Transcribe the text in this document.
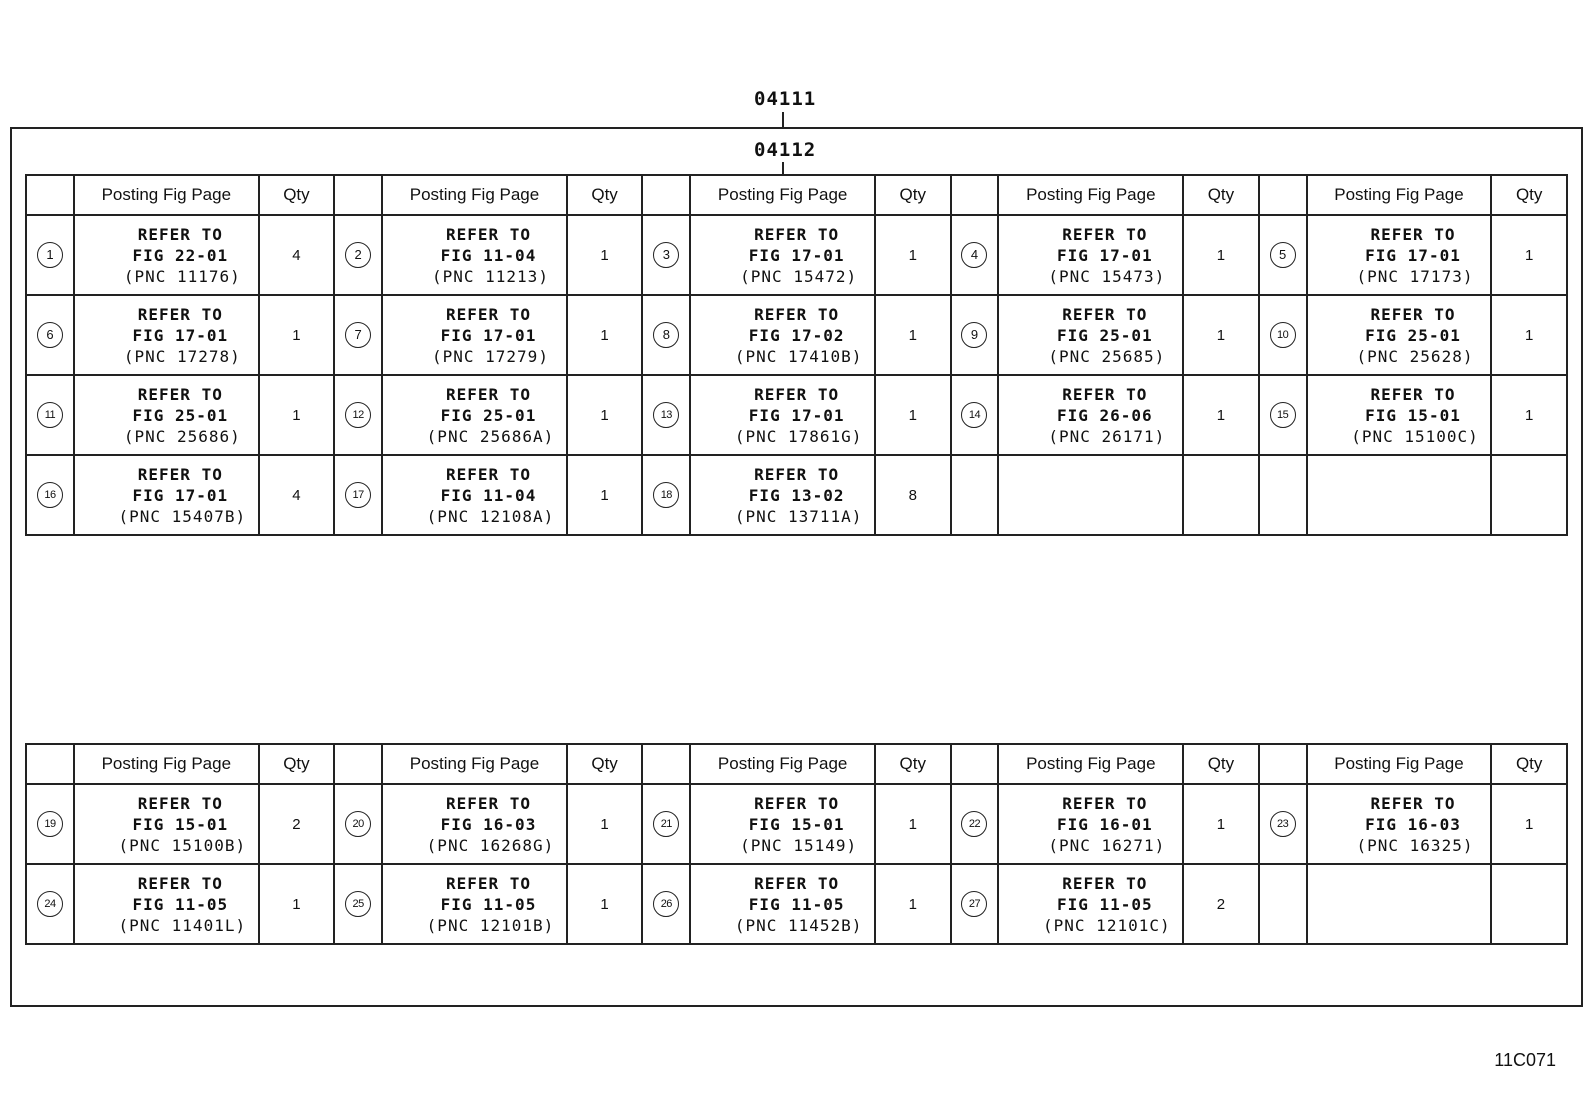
04111
04112
	Posting Fig Page	Qty		Posting Fig Page	Qty		Posting Fig Page	Qty		Posting Fig Page	Qty		Posting Fig Page	Qty
1	REFER TO
FIG 22-01
(PNC 11176)	4	2	REFER TO
FIG 11-04
(PNC 11213)	1	3	REFER TO
FIG 17-01
(PNC 15472)	1	4	REFER TO
FIG 17-01
(PNC 15473)	1	5	REFER TO
FIG 17-01
(PNC 17173)	1
6	REFER TO
FIG 17-01
(PNC 17278)	1	7	REFER TO
FIG 17-01
(PNC 17279)	1	8	REFER TO
FIG 17-02
(PNC 17410B)	1	9	REFER TO
FIG 25-01
(PNC 25685)	1	10	REFER TO
FIG 25-01
(PNC 25628)	1
11	REFER TO
FIG 25-01
(PNC 25686)	1	12	REFER TO
FIG 25-01
(PNC 25686A)	1	13	REFER TO
FIG 17-01
(PNC 17861G)	1	14	REFER TO
FIG 26-06
(PNC 26171)	1	15	REFER TO
FIG 15-01
(PNC 15100C)	1
16	REFER TO
FIG 17-01
(PNC 15407B)	4	17	REFER TO
FIG 11-04
(PNC 12108A)	1	18	REFER TO
FIG 13-02
(PNC 13711A)	8						
	Posting Fig Page	Qty		Posting Fig Page	Qty		Posting Fig Page	Qty		Posting Fig Page	Qty		Posting Fig Page	Qty
19	REFER TO
FIG 15-01
(PNC 15100B)	2	20	REFER TO
FIG 16-03
(PNC 16268G)	1	21	REFER TO
FIG 15-01
(PNC 15149)	1	22	REFER TO
FIG 16-01
(PNC 16271)	1	23	REFER TO
FIG 16-03
(PNC 16325)	1
24	REFER TO
FIG 11-05
(PNC 11401L)	1	25	REFER TO
FIG 11-05
(PNC 12101B)	1	26	REFER TO
FIG 11-05
(PNC 11452B)	1	27	REFER TO
FIG 11-05
(PNC 12101C)	2			
11C071
